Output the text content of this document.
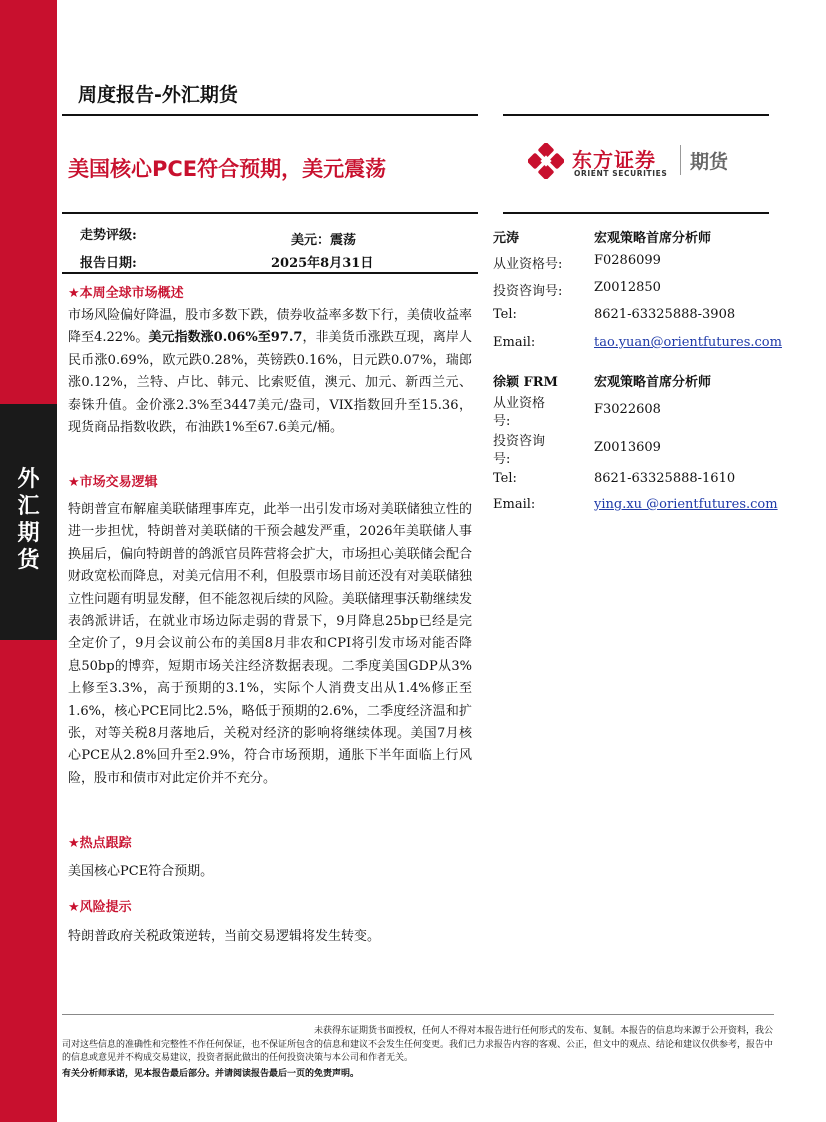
外汇期货
周度报告-外汇期货
美国核心PCE符合预期，美元震荡	东方证券
ORIENT SECURITIES
期货
走势评级:	美元：震荡
报告日期:	2025年8月31日
★本周全球市场概述

市场风险偏好降温，股市多数下跌，债券收益率多数下行，美债收益率降至4.22%。美元指数涨0.06%至97.7，非美货币涨跌互现，离岸人民币涨0.69%，欧元跌0.28%，英镑跌0.16%，日元跌0.07%，瑞郎涨0.12%，兰特、卢比、韩元、比索贬值，澳元、加元、新西兰元、泰铢升值。金价涨2.3%至3447美元/盎司，VIX指数回升至15.36，现货商品指数收跌，布油跌1%至67.6美元/桶。

★市场交易逻辑

特朗普宣布解雇美联储理事库克，此举一出引发市场对美联储独立性的进一步担忧，特朗普对美联储的干预会越发严重，2026年美联储人事换届后，偏向特朗普的鸽派官员阵营将会扩大，市场担心美联储会配合财政宽松而降息，对美元信用不利，但股票市场目前还没有对美联储独立性问题有明显发酵，但不能忽视后续的风险。美联储理事沃勒继续发表鸽派讲话，在就业市场边际走弱的背景下，9月降息25bp已经是完全定价了，9月会议前公布的美国8月非农和CPI将引发市场对能否降息50bp的博弈，短期市场关注经济数据表现。二季度美国GDP从3%上修至3.3%，高于预期的3.1%，实际个人消费支出从1.4%修正至1.6%，核心PCE同比2.5%，略低于预期的2.6%，二季度经济温和扩张，对等关税8月落地后，关税对经济的影响将继续体现。美国7月核心PCE从2.8%回升至2.9%，符合市场预期，通胀下半年面临上行风险，股市和债市对此定价并不充分。

★热点跟踪

美国核心PCE符合预期。

★风险提示

特朗普政府关税政策逆转，当前交易逻辑将发生转变。

元涛	宏观策略首席分析师
从业资格号: F0286099
投资咨询号: Z0012850
Tel:	8621-63325888-3908
Email:	tao.yuan@orientfutures.com
徐颖 FRM	宏观策略首席分析师
从业资格
号:
F3022608
投资咨询
号:
Z0013609
Tel:	8621-63325888-1610
Email:	ying.xu @orientfutures.com

未获得东证期货书面授权，任何人不得对本报告进行任何形式的发布、复制。本报告的信息均来源于公开资料，我公司对这些信息的准确性和完整性不作任何保证，也不保证所包含的信息和建议不会发生任何变更。我们已力求报告内容的客观、公正，但文中的观点、结论和建议仅供参考，报告中的信息或意见并不构成交易建议，投资者据此做出的任何投资决策与本公司和作者无关。

有关分析师承诺，见本报告最后部分。并请阅读报告最后一页的免责声明。
